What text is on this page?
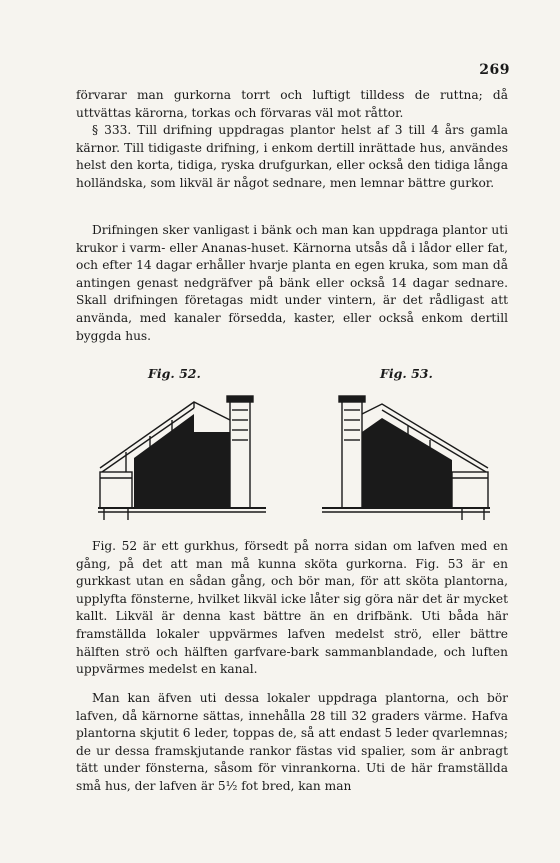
269

förvarar man gurkorna torrt och luftigt tilldess de ruttna; då uttvättas kärorna, torkas och förvaras väl mot råttor.

§ 333. Till drifning uppdragas plantor helst af 3 till 4 års gamla kärnor. Till tidigaste drifning, i enkom dertill inrättade hus, användes helst den korta, tidiga, ryska drufgurkan, eller också den tidiga långa holländska, som likväl är något sednare, men lemnar bättre gurkor.

Drifningen sker vanligast i bänk och man kan uppdraga plantor uti krukor i varm- eller Ananas-huset. Kärnorna utsås då i lådor eller fat, och efter 14 dagar erhåller hvarje planta en egen kruka, som man då antingen genast nedgräfver på bänk eller också 14 dagar sednare. Skall drifningen företagas midt under vintern, är det rådligast att använda, med kanaler försedda, kaster, eller också enkom dertill byggda hus.

Fig. 52.	Fig. 53.

Fig. 52 är ett gurkhus, försedt på norra sidan om lafven med en gång, på det att man må kunna sköta gurkorna. Fig. 53 är en gurkkast utan en sådan gång, och bör man, för att sköta plantorna, upplyfta fönsterne, hvilket likväl icke låter sig göra när det är mycket kallt. Likväl är denna kast bättre än en drifbänk. Uti båda här framställda lokaler uppvärmes lafven medelst strö, eller bättre hälften strö och hälften garfvare-bark sammanblandade, och luften uppvärmes medelst en kanal.

Man kan äfven uti dessa lokaler uppdraga plantorna, och bör lafven, då kärnorne sättas, innehålla 28 till 32 graders värme. Hafva plantorna skjutit 6 leder, toppas de, så att endast 5 leder qvarlemnas; de ur dessa framskjutande rankor fästas vid spalier, som är anbragt tätt under fönsterna, såsom för vinrankorna. Uti de här framställda små hus, der lafven är 5½ fot bred, kan man
